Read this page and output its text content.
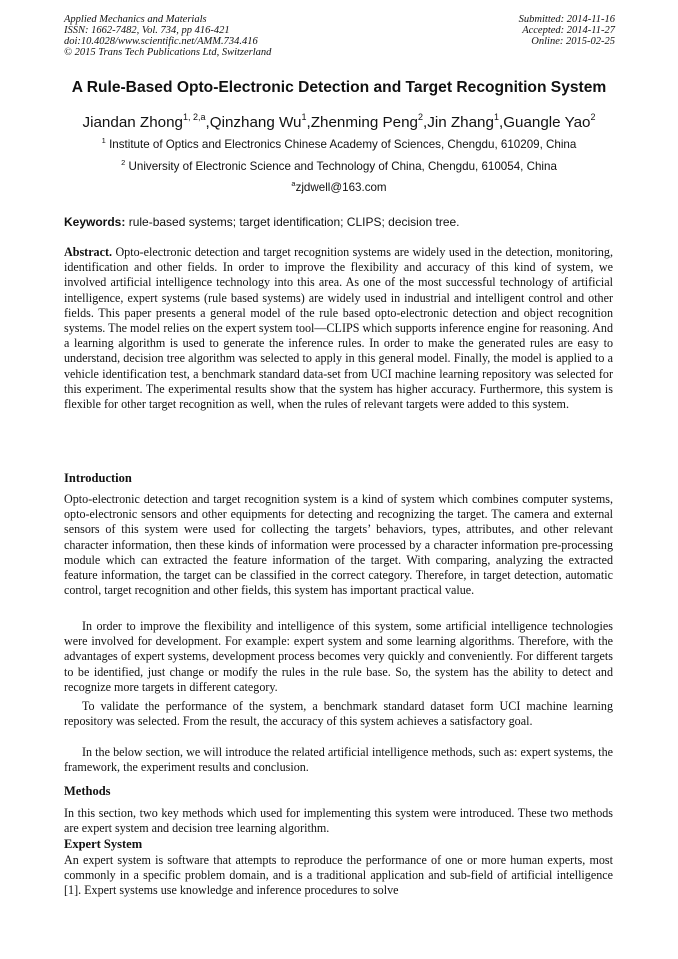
Applied Mechanics and Materials
ISSN: 1662-7482, Vol. 734, pp 416-421
doi:10.4028/www.scientific.net/AMM.734.416
© 2015 Trans Tech Publications Ltd, Switzerland
Submitted: 2014-11-16
Accepted: 2014-11-27
Online: 2015-02-25
A Rule-Based Opto-Electronic Detection and Target Recognition System
Jiandan Zhong$^{1, 2,a}$,Qinzhang Wu$^1$,Zhenming Peng$^2$,Jin Zhang$^1$,Guangle Yao$^2$
$^1$ Institute of Optics and Electronics Chinese Academy of Sciences, Chengdu, 610209, China
$^2$ University of Electronic Science and Technology of China, Chengdu, 610054, China
$^a$zjdwell@163.com
Keywords: rule-based systems; target identification; CLIPS; decision tree.

Abstract. Opto-electronic detection and target recognition systems are widely used in the detection, monitoring, identification and other fields. In order to improve the flexibility and accuracy of this kind of system, we involved artificial intelligence technology into this area. As one of the most successful technology of artificial intelligence, expert systems (rule based systems) are widely used in industrial and intelligent control and other fields. This paper presents a general model of the rule based opto-electronic detection and object recognition systems. The model relies on the expert system tool—CLIPS which supports inference engine for reasoning. And a learning algorithm is used to generate the inference rules. In order to make the generated rules are easy to understand, decision tree algorithm was selected to apply in this general model. Finally, the model is applied to a vehicle identification test, a benchmark standard data-set from UCI machine learning repository was selected for this experiment. The experimental results show that the system has higher accuracy. Furthermore, this system is flexible for other target recognition as well, when the rules of relevant targets were added to this system.

Introduction

Opto-electronic detection and target recognition system is a kind of system which combines computer systems, opto-electronic sensors and other equipments for detecting and recognizing the target. The camera and external sensors of this system were used for collecting the targets’ behaviors, types, attributes, and other relevant character information, then these kinds of information were processed by a character information pre-processing module which can extracted the feature information of the target. With comparing, analyzing the extracted feature information, the target can be classified in the correct category. Therefore, in target detection, automatic control, target recognition and other fields, this system has important practical value.

In order to improve the flexibility and intelligence of this system, some artificial intelligence technologies were involved for development. For example: expert system and some learning algorithms. Therefore, with the advantages of expert systems, development process becomes very quickly and conveniently. For different targets to be identified, just change or modify the rules in the rule base. So, the system has the ability to detect and recognize more targets in different category.

To validate the performance of the system, a benchmark standard dataset form UCI machine learning repository was selected. From the result, the accuracy of this system achieves a satisfactory goal.

In the below section, we will introduce the related artificial intelligence methods, such as: expert systems, the framework, the experiment results and conclusion.

Methods

In this section, two key methods which used for implementing this system were introduced. These two methods are expert system and decision tree learning algorithm.

Expert System

An expert system is software that attempts to reproduce the performance of one or more human experts, most commonly in a specific problem domain, and is a traditional application and sub-field of artificial intelligence [1]. Expert systems use knowledge and inference procedures to solve
